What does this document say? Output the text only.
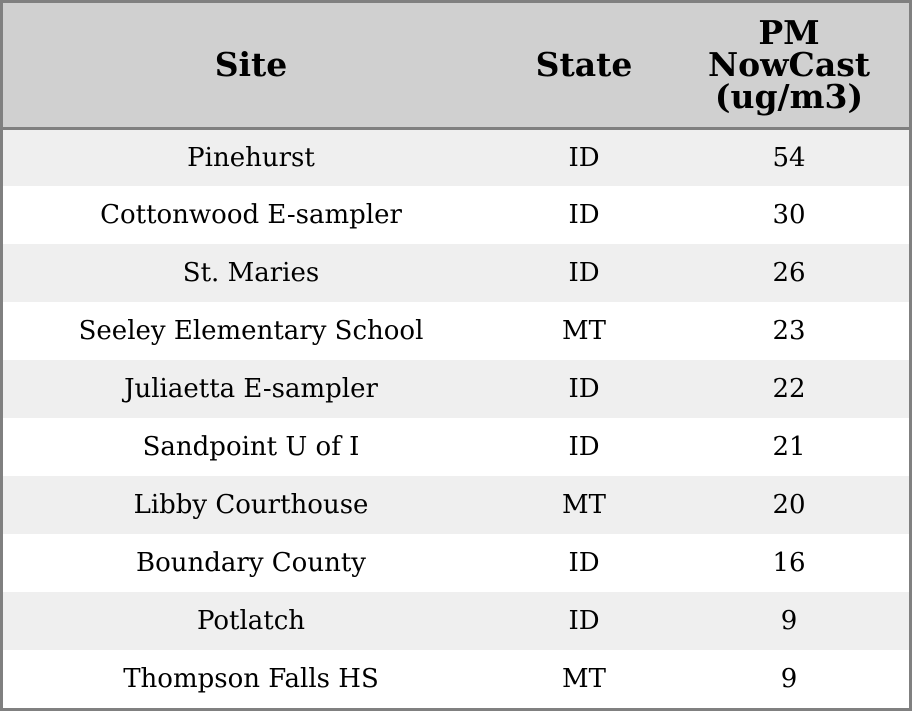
Site	State	PM
NowCast
(ug/m3)

Pinehurst	ID	54
Cottonwood E-sampler	ID	30
St. Maries	ID	26
Seeley Elementary School	MT	23
Juliaetta E-sampler	ID	22
Sandpoint U of I	ID	21
Libby Courthouse	MT	20
Boundary County	ID	16
Potlatch	ID	9
Thompson Falls HS	MT	9
